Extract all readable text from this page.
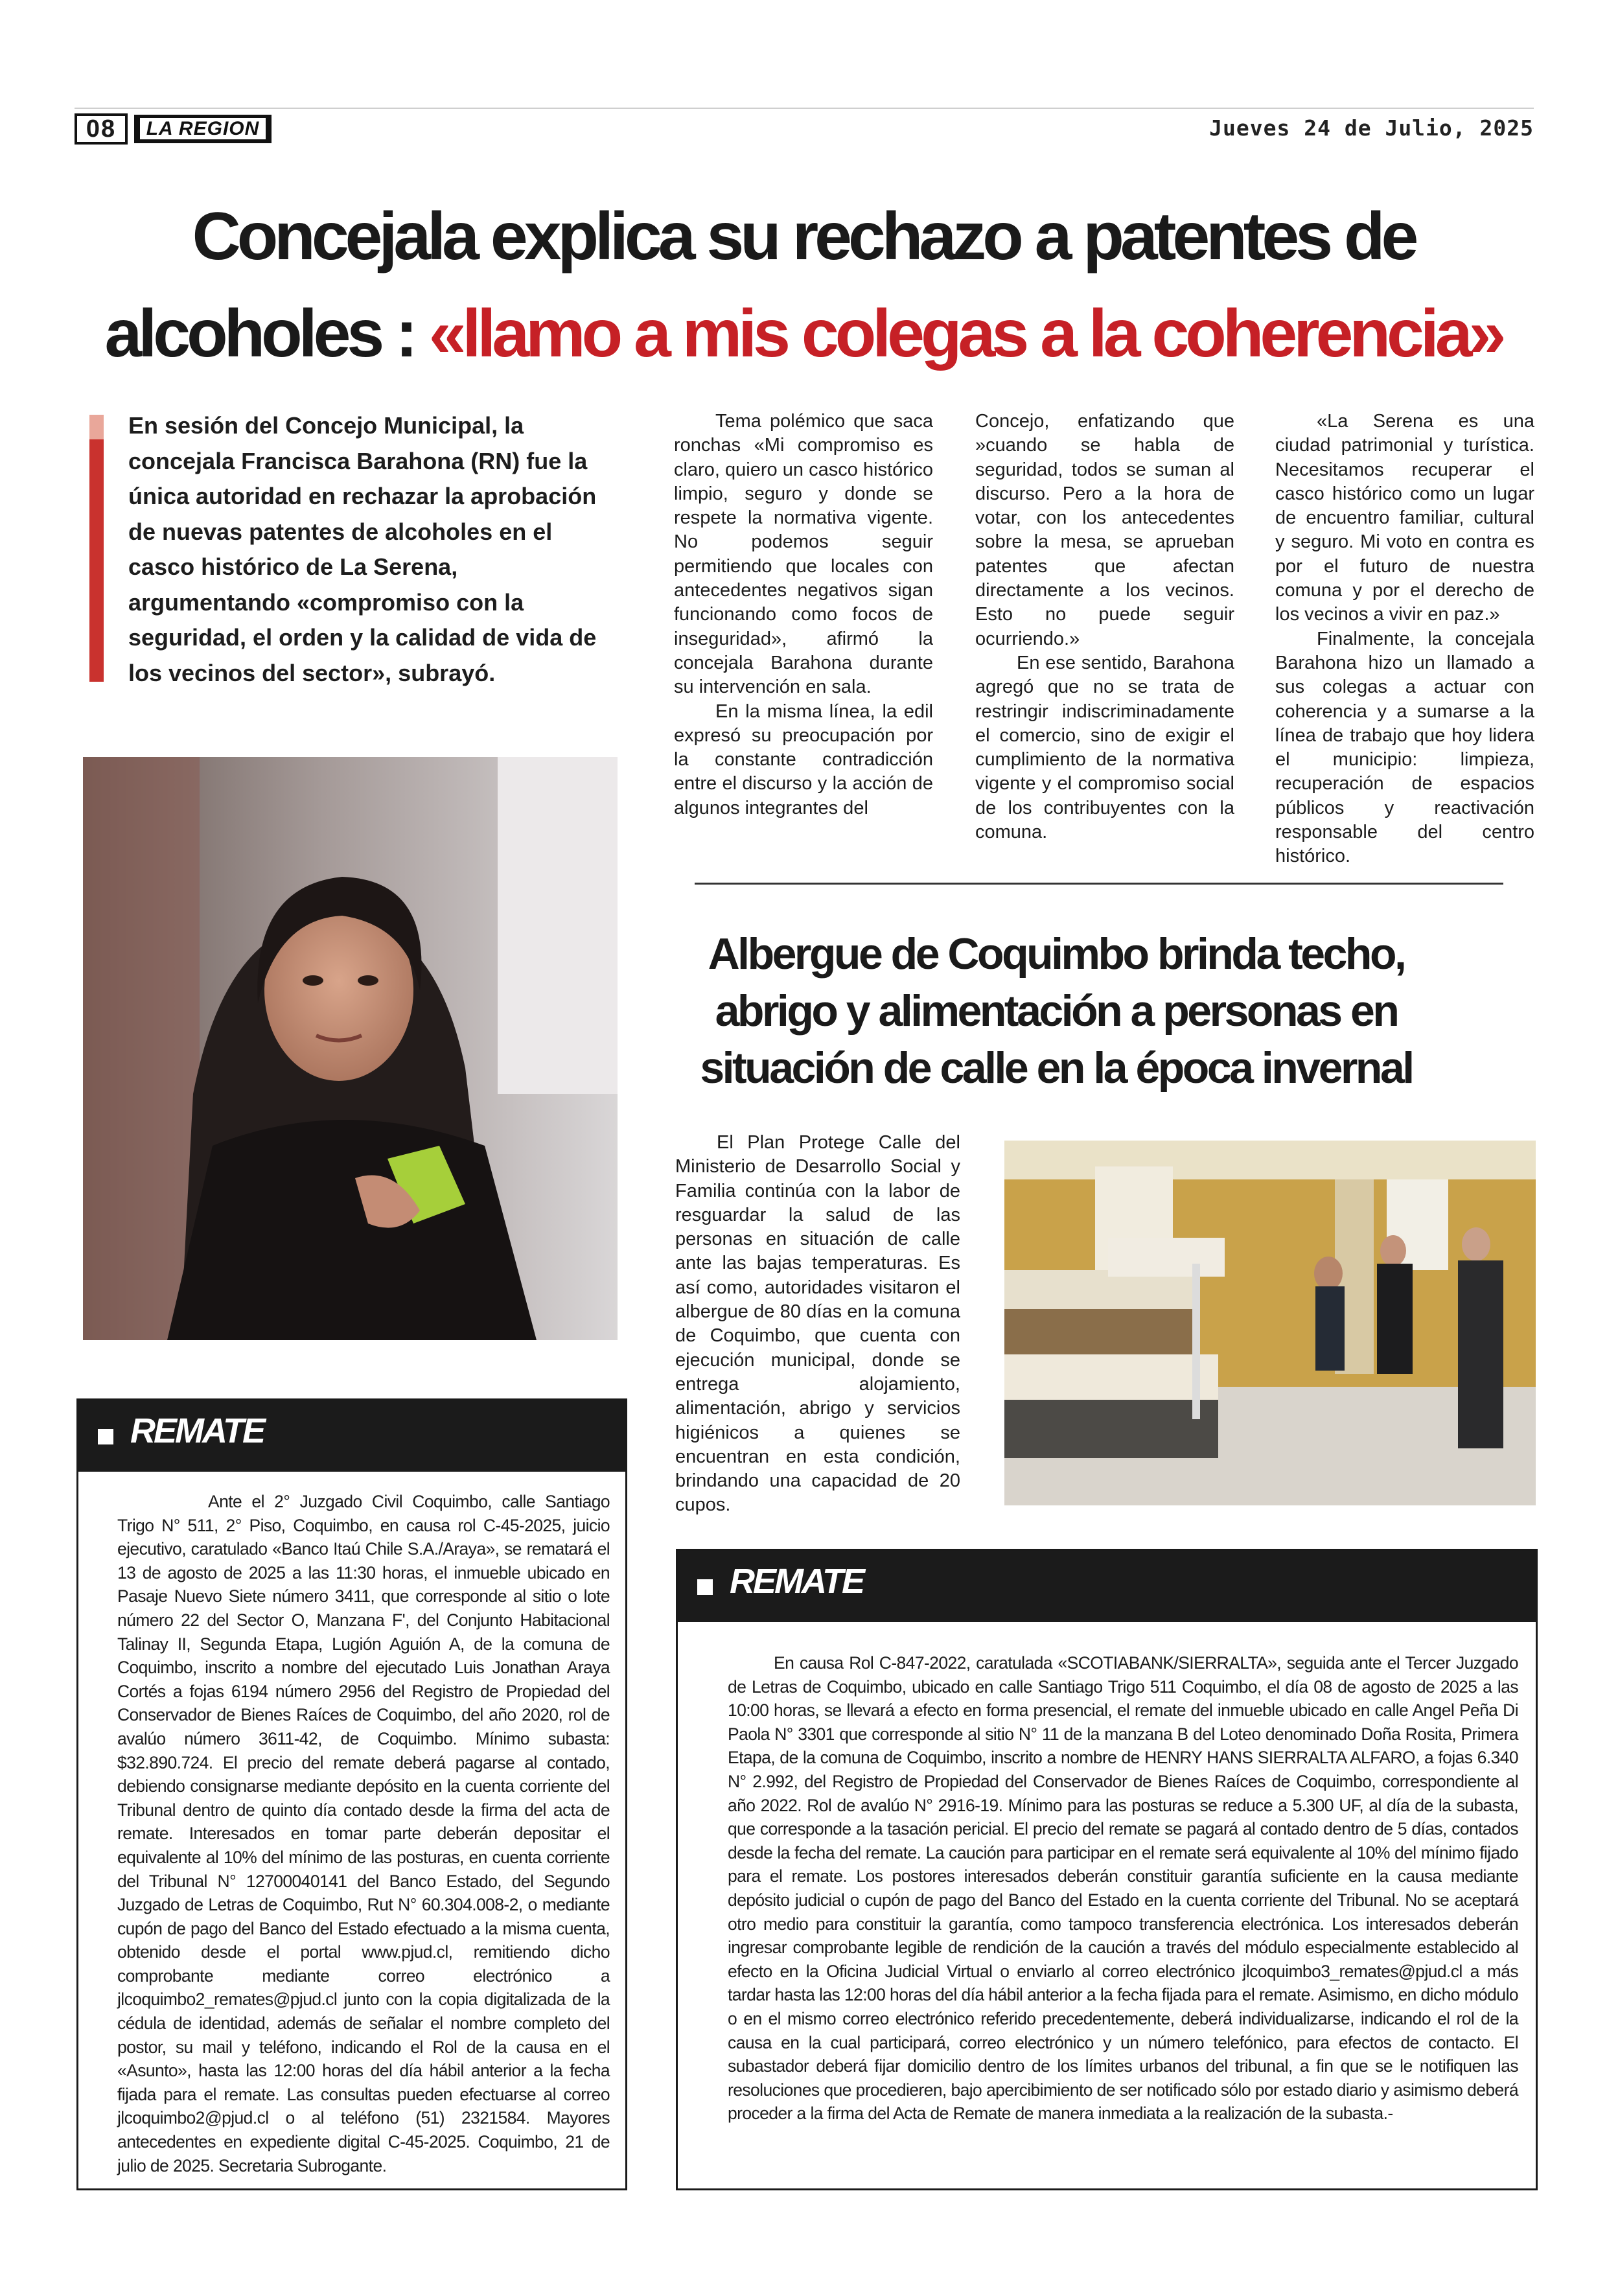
08	LA REGION	Jueves 24 de Julio, 2025
Concejala explica su rechazo a patentes de
alcoholes : «llamo a mis colegas a la coherencia»
En sesión del Concejo Municipal, la concejala Francisca Barahona (RN) fue la única autoridad en rechazar la aprobación de nuevas patentes de alcoholes en el casco histórico de La Serena, argumentando «compromiso con la seguridad, el orden y la calidad de vida de los vecinos del sector», subrayó.

Tema polémico que saca ronchas «Mi compromiso es claro, quiero un casco histórico limpio, seguro y donde se respete la normativa vigente. No podemos seguir permitiendo que locales con antecedentes negativos sigan funcionando como focos de inseguridad», afirmó la concejala Barahona durante su intervención en sala.

En la misma línea, la edil expresó su preocupación por la constante contradicción entre el discurso y la acción de algunos integrantes del

Concejo, enfatizando que »cuando se habla de seguridad, todos se suman al discurso. Pero a la hora de votar, con los antecedentes sobre la mesa, se aprueban patentes que afectan directamente a los vecinos. Esto no puede seguir ocurriendo.»

En ese sentido, Barahona agregó que no se trata de restringir indiscriminadamente el comercio, sino de exigir el cumplimiento de la normativa vigente y el compromiso social de los contribuyentes con la comuna.

«La Serena es una ciudad patrimonial y turística. Necesitamos recuperar el casco histórico como un lugar de encuentro familiar, cultural y seguro. Mi voto en contra es por el futuro de nuestra comuna y por el derecho de los vecinos a vivir en paz.»

Finalmente, la concejala Barahona hizo un llamado a sus colegas a actuar con coherencia y a sumarse a la línea de trabajo que hoy lidera el municipio: limpieza, recuperación de espacios públicos y reactivación responsable del centro histórico.

Albergue de Coquimbo brinda techo,
abrigo y alimentación a personas en
situación de calle en la época invernal

El Plan Protege Calle del Ministerio de Desarrollo Social y Familia continúa con la labor de resguardar la salud de las personas en situación de calle ante las bajas temperaturas. Es así como, autoridades visitaron el albergue de 80 días en la comuna de Coquimbo, que cuenta con ejecución municipal, donde se entrega alojamiento, alimentación, abrigo y servicios higiénicos a quienes se encuentran en esta condición, brindando una capacidad de 20 cupos.

REMATE

Ante el 2° Juzgado Civil Coquimbo, calle Santiago Trigo N° 511, 2° Piso, Coquimbo, en causa rol C-45-2025, juicio ejecutivo, caratulado «Banco Itaú Chile S.A./Araya», se rematará el 13 de agosto de 2025 a las 11:30 horas, el inmueble ubicado en Pasaje Nuevo Siete número 3411, que corresponde al sitio o lote número 22 del Sector O, Manzana F', del Conjunto Habitacional Talinay II, Segunda Etapa, Lugión Aguión A, de la comuna de Coquimbo, inscrito a nombre del ejecutado Luis Jonathan Araya Cortés a fojas 6194 número 2956 del Registro de Propiedad del Conservador de Bienes Raíces de Coquimbo, del año 2020, rol de avalúo número 3611-42, de Coquimbo. Mínimo subasta: $32.890.724. El precio del remate deberá pagarse al contado, debiendo consignarse mediante depósito en la cuenta corriente del Tribunal dentro de quinto día contado desde la firma del acta de remate. Interesados en tomar parte deberán depositar el equivalente al 10% del mínimo de las posturas, en cuenta corriente del Tribunal N° 12700040141 del Banco Estado, del Segundo Juzgado de Letras de Coquimbo, Rut N° 60.304.008-2, o mediante cupón de pago del Banco del Estado efectuado a la misma cuenta, obtenido desde el portal www.pjud.cl, remitiendo dicho comprobante mediante correo electrónico a jlcoquimbo2_remates@pjud.cl junto con la copia digitalizada de la cédula de identidad, además de señalar el nombre completo del postor, su mail y teléfono, indicando el Rol de la causa en el «Asunto», hasta las 12:00 horas del día hábil anterior a la fecha fijada para el remate. Las consultas pueden efectuarse al correo jlcoquimbo2@pjud.cl o al teléfono (51) 2321584. Mayores antecedentes en expediente digital C-45-2025. Coquimbo, 21 de julio de 2025. Secretaria Subrogante.

REMATE

En causa Rol C-847-2022, caratulada «SCOTIABANK/SIERRALTA», seguida ante el Tercer Juzgado de Letras de Coquimbo, ubicado en calle Santiago Trigo 511 Coquimbo, el día 08 de agosto de 2025 a las 10:00 horas, se llevará a efecto en forma presencial, el remate del inmueble ubicado en calle Angel Peña Di Paola N° 3301 que corresponde al sitio N° 11 de la manzana B del Loteo denominado Doña Rosita, Primera Etapa, de la comuna de Coquimbo, inscrito a nombre de HENRY HANS SIERRALTA ALFARO, a fojas 6.340 N° 2.992, del Registro de Propiedad del Conservador de Bienes Raíces de Coquimbo, correspondiente al año 2022. Rol de avalúo N° 2916-19. Mínimo para las posturas se reduce a 5.300 UF, al día de la subasta, que corresponde a la tasación pericial. El precio del remate se pagará al contado dentro de 5 días, contados desde la fecha del remate. La caución para participar en el remate será equivalente al 10% del mínimo fijado para el remate. Los postores interesados deberán constituir garantía suficiente en la causa mediante depósito judicial o cupón de pago del Banco del Estado en la cuenta corriente del Tribunal. No se aceptará otro medio para constituir la garantía, como tampoco transferencia electrónica. Los interesados deberán ingresar comprobante legible de rendición de la caución a través del módulo especialmente establecido al efecto en la Oficina Judicial Virtual o enviarlo al correo electrónico jlcoquimbo3_remates@pjud.cl a más tardar hasta las 12:00 horas del día hábil anterior a la fecha fijada para el remate. Asimismo, en dicho módulo o en el mismo correo electrónico referido precedentemente, deberá individualizarse, indicando el rol de la causa en la cual participará, correo electrónico y un número telefónico, para efectos de contacto. El subastador deberá fijar domicilio dentro de los límites urbanos del tribunal, a fin que se le notifiquen las resoluciones que procedieren, bajo apercibimiento de ser notificado sólo por estado diario y asimismo deberá proceder a la firma del Acta de Remate de manera inmediata a la realización de la subasta.-
